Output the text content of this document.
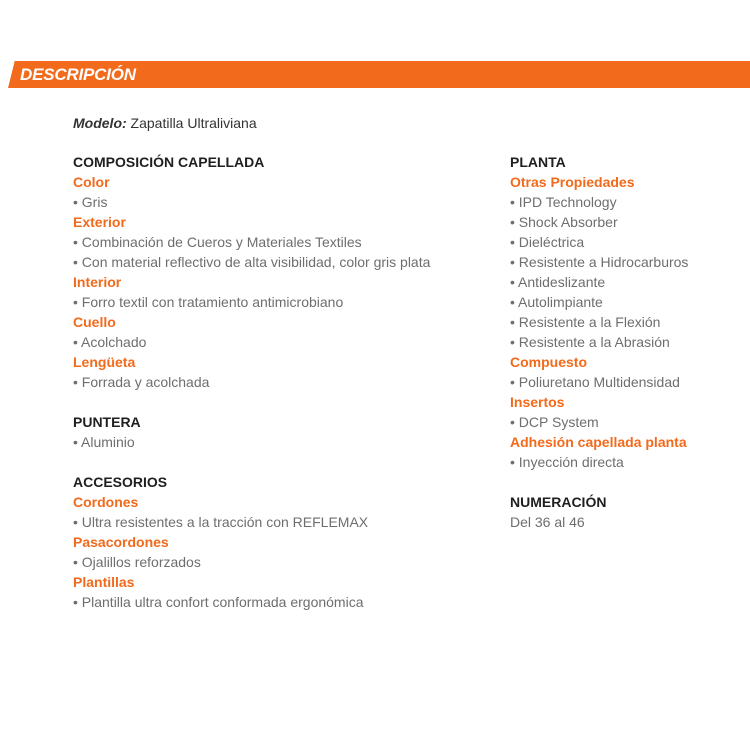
DESCRIPCIÓN
Modelo: Zapatilla Ultraliviana
COMPOSICIÓN CAPELLADA
Color
• Gris
Exterior
• Combinación de Cueros y Materiales Textiles
• Con material reflectivo de alta visibilidad, color gris plata
Interior
• Forro textil con tratamiento antimicrobiano
Cuello
• Acolchado
Lengüeta
• Forrada y acolchada
PUNTERA
• Aluminio
ACCESORIOS
Cordones
• Ultra resistentes a la tracción con REFLEMAX
Pasacordones
• Ojalillos reforzados
Plantillas
• Plantilla ultra confort conformada ergonómica
PLANTA
Otras Propiedades
• IPD Technology
• Shock Absorber
• Dieléctrica
• Resistente a Hidrocarburos
• Antideslizante
• Autolimpiante
• Resistente a la Flexión
• Resistente a la Abrasión
Compuesto
• Poliuretano Multidensidad
Insertos
• DCP System
Adhesión capellada planta
• Inyección directa
NUMERACIÓN
Del 36 al 46
